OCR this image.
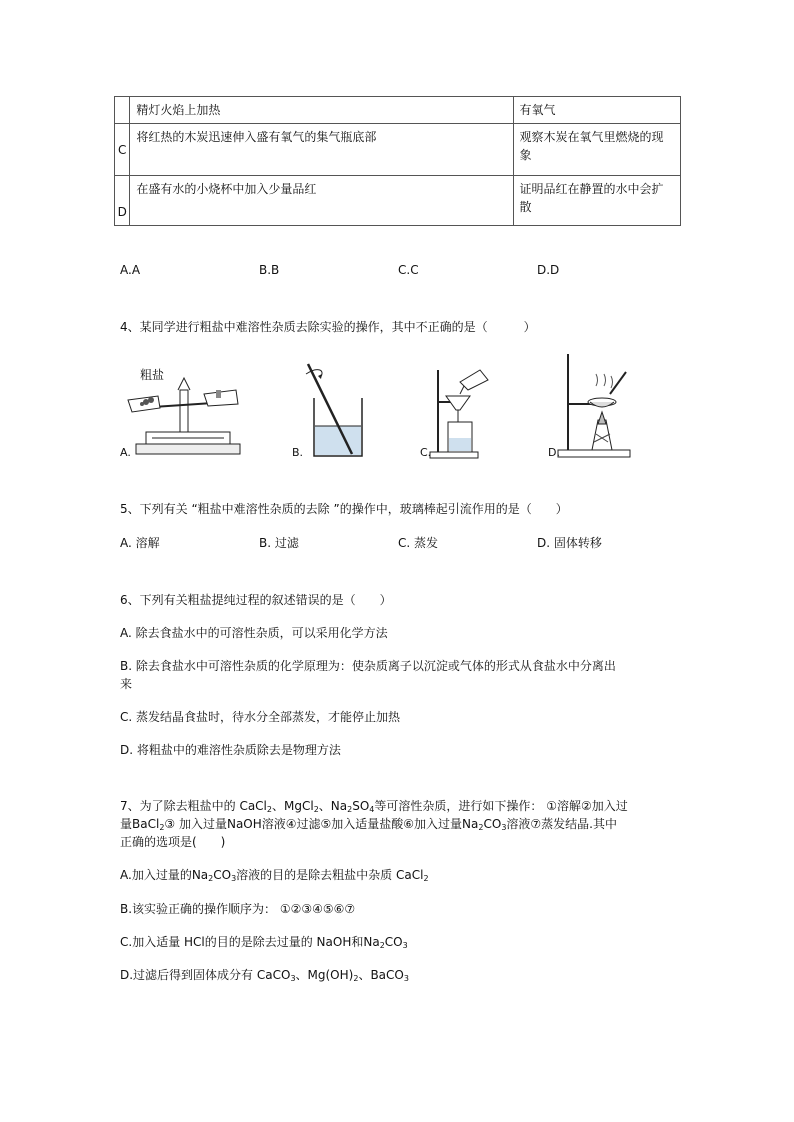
	精灯火焰上加热	有氧气
C	将红热的木炭迅速伸入盛有氧气的集气瓶底部	观察木炭在氧气里燃烧的现象
D	在盛有水的小烧杯中加入少量品红	证明品红在静置的水中会扩散
A.A	B.B	C.C	D.D
4、某同学进行粗盐中难溶性杂质去除实验的操作，其中不正确的是（　　　）
粗盐
A.	B.	C.	D.
5、下列有关 “粗盐中难溶性杂质的去除 ”的操作中，玻璃棒起引流作用的是（　　）
A. 溶解	B. 过滤	C. 蒸发	D. 固体转移
6、下列有关粗盐提纯过程的叙述错误的是（　　）
A. 除去食盐水中的可溶性杂质，可以采用化学方法
B. 除去食盐水中可溶性杂质的化学原理为：使杂质离子以沉淀或气体的形式从食盐水中分离出
来
C. 蒸发结晶食盐时，待水分全部蒸发，才能停止加热
D. 将粗盐中的难溶性杂质除去是物理方法
7、为了除去粗盐中的 CaCl$_2$、MgCl$_2$、$Na_2SO_4$等可溶性杂质，进行如下操作： ①溶解②加入过
量BaCl$_2$③ 加入过量NaOH溶液④过滤⑤加入适量盐酸⑥加入过量$Na_2CO_3$溶液⑦蒸发结晶.其中
正确的选项是(　　)
A.加入过量的$Na_2CO_3$溶液的目的是除去粗盐中杂质 CaCl$_2$
B.该实验正确的操作顺序为： ①②③④⑤⑥⑦
C.加入适量 HCl的目的是除去过量的 NaOH和$Na_2CO_3$
D.过滤后得到固体成分有 CaCO$_3$、$Mg(OH)_2$、BaCO$_3$
